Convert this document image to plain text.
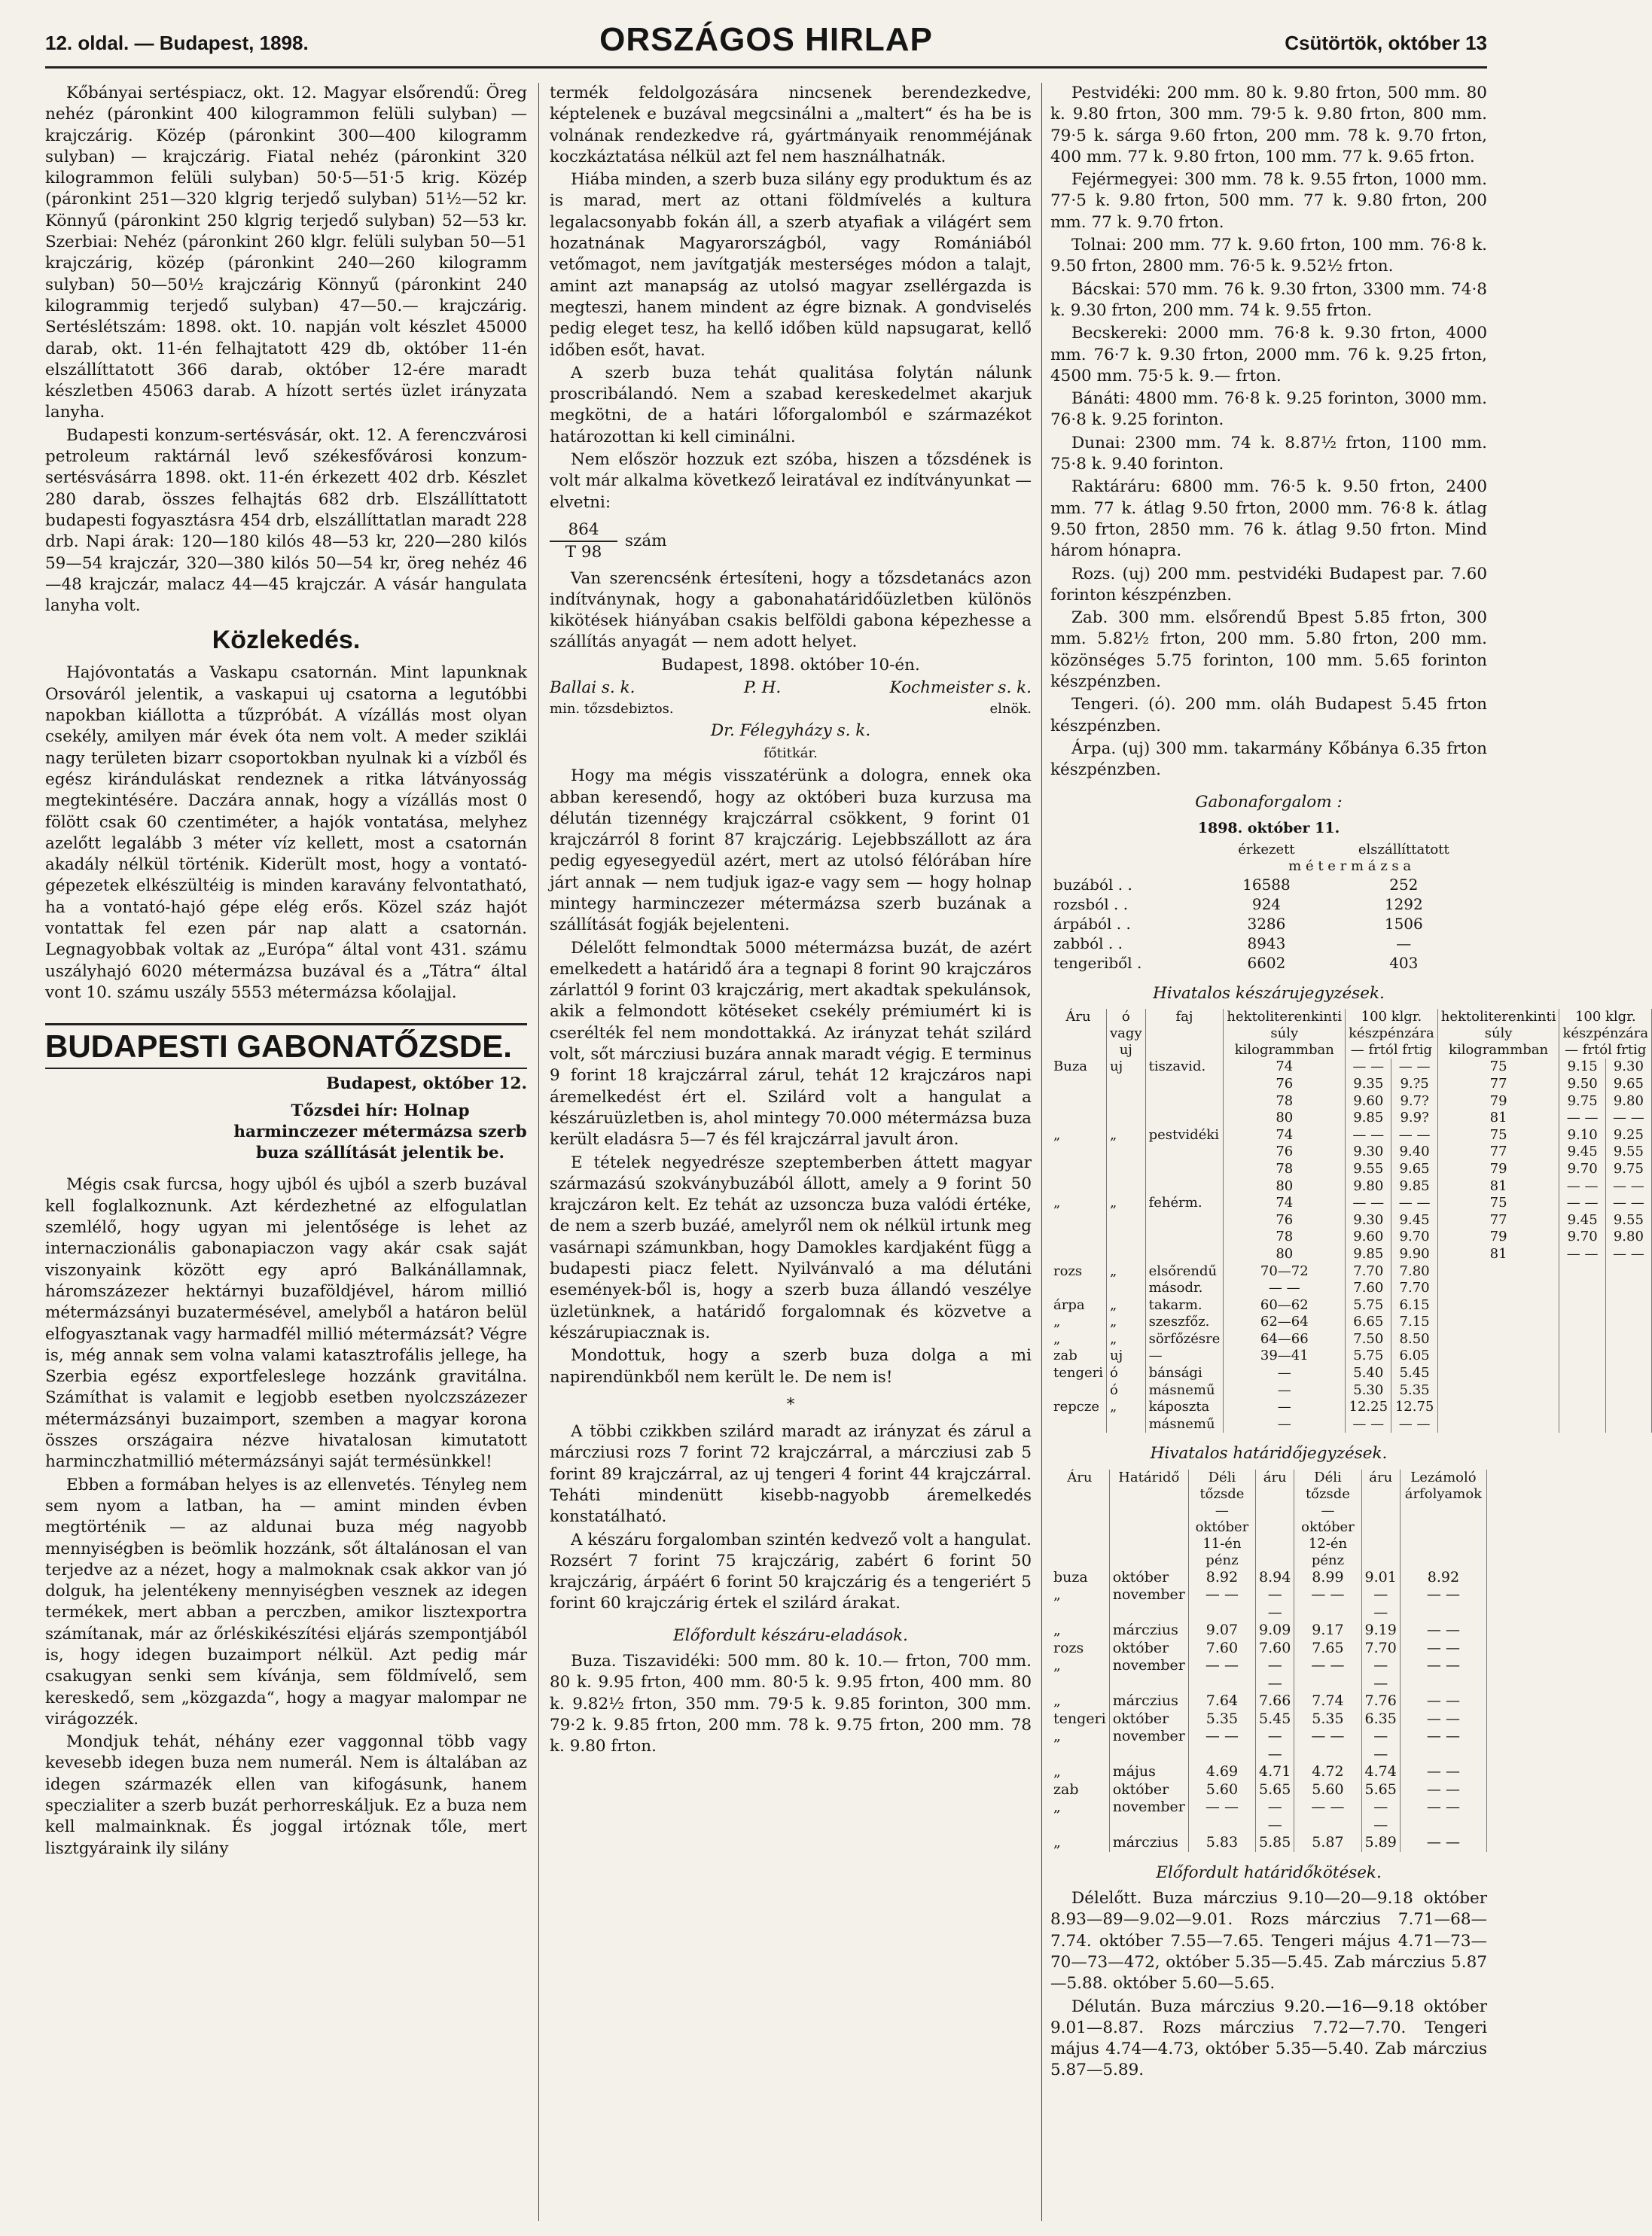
12. oldal. — Budapest, 1898.	ORSZÁGOS HIRLAP	Csütörtök, október 13

Kőbányai sertéspiacz, okt. 12. Magyar elsőrendű: Öreg nehéz (páronkint 400 kilogrammon felüli sulyban) — krajczárig. Közép (páronkint 300—400 kilogramm sulyban) — krajczárig. Fiatal nehéz (páronkint 320 kilogrammon felüli sulyban) 50·5—51·5 krig. Közép (páronkint 251—320 klgrig terjedő sulyban) 51½—52 kr. Könnyű (páronkint 250 klgrig terjedő sulyban) 52—53 kr. Szerbiai: Nehéz (páronkint 260 klgr. felüli sulyban 50—51 krajczárig, közép (páronkint 240—260 kilogramm sulyban) 50—50½ krajczárig Könnyű (páronkint 240 kilogrammig terjedő sulyban) 47—50.— krajczárig. Sertéslétszám: 1898. okt. 10. napján volt készlet 45000 darab, okt. 11-én felhajtatott 429 db, október 11-én elszállíttatott 366 darab, október 12-ére maradt készletben 45063 darab. A hízott sertés üzlet irányzata lanyha.

Budapesti konzum-sertésvásár, okt. 12. A ferenczvárosi petroleum raktárnál levő székesfővárosi konzum-sertésvásárra 1898. okt. 11-én érkezett 402 drb. Készlet 280 darab, összes felhajtás 682 drb. Elszállíttatott budapesti fogyasztásra 454 drb, elszállíttatlan maradt 228 drb. Napi árak: 120—180 kilós 48—53 kr, 220—280 kilós 59—54 krajczár, 320—380 kilós 50—54 kr, öreg nehéz 46—48 krajczár, malacz 44—45 krajczár. A vásár hangulata lanyha volt.

Közlekedés.

Hajóvontatás a Vaskapu csatornán. Mint lapunknak Orsováról jelentik, a vaskapui uj csatorna a legutóbbi napokban kiállotta a tűzpróbát. A vízállás most olyan csekély, amilyen már évek óta nem volt. A meder sziklái nagy területen bizarr csoportokban nyulnak ki a vízből és egész kiránduláskat rendeznek a ritka látványosság megtekintésére. Daczára annak, hogy a vízállás most 0 fölött csak 60 czentiméter, a hajók vontatása, melyhez azelőtt legalább 3 méter víz kellett, most a csatornán akadály nélkül történik. Kiderült most, hogy a vontató-gépezetek elkészültéig is minden karavány felvontatható, ha a vontató-hajó gépe elég erős. Közel száz hajót vontattak fel ezen pár nap alatt a csatornán. Legnagyobbak voltak az „Európa“ által vont 431. számu uszályhajó 6020 métermázsa buzával és a „Tátra“ által vont 10. számu uszály 5553 métermázsa kőolajjal.

BUDAPESTI GABONATŐZSDE.
Budapest, október 12.
Tőzsdei hír: Holnap harminczezer métermázsa szerb buza szállítását jelentik be.

Mégis csak furcsa, hogy ujból és ujból a szerb buzával kell foglalkoznunk. Azt kérdezhetné az elfogulatlan szemlélő, hogy ugyan mi jelentősége is lehet az internaczionális gabonapiaczon vagy akár csak saját viszonyaink között egy apró Balkánállamnak, háromszázezer hektárnyi buzaföldjével, három millió métermázsányi buzatermésével, amelyből a határon belül elfogyasztanak vagy harmadfél millió métermázsát? Végre is, még annak sem volna valami katasztrofális jellege, ha Szerbia egész exportfeleslege hozzánk gravitálna. Számíthat is valamit e legjobb esetben nyolczszázezer métermázsányi buzaimport, szemben a magyar korona összes országaira nézve hivatalosan kimutatott harminczhatmillió métermázsányi saját termésünkkel!

Ebben a formában helyes is az ellenvetés. Tényleg nem sem nyom a latban, ha — amint minden évben megtörténik — az aldunai buza még nagyobb mennyiségben is beömlik hozzánk, sőt általánosan el van terjedve az a nézet, hogy a malmoknak csak akkor van jó dolguk, ha jelentékeny mennyiségben vesznek az idegen termékek, mert abban a perczben, amikor lisztexportra számítanak, már az őrléskikészítési eljárás szempontjából is, hogy idegen buzaimport nélkül. Azt pedig már csakugyan senki sem kívánja, sem földmívelő, sem kereskedő, sem „közgazda“, hogy a magyar malompar ne virágozzék.

Mondjuk tehát, néhány ezer vaggonnal több vagy kevesebb idegen buza nem numerál. Nem is általában az idegen származék ellen van kifogásunk, hanem speczialiter a szerb buzát perhorreskáljuk. Ez a buza nem kell malmainknak. És joggal irtóznak tőle, mert lisztgyáraink ily silány

termék feldolgozására nincsenek berendezkedve, képtelenek e buzával megcsinálni a „maltert“ és ha be is volnának rendezkedve rá, gyártmányaik renomméjának koczkáztatása nélkül azt fel nem használhatnák.

Hiába minden, a szerb buza silány egy produktum és az is marad, mert az ottani földmívelés a kultura legalacsonyabb fokán áll, a szerb atyafiak a világért sem hozatnának Magyarországból, vagy Romániából vetőmagot, nem javítgatják mesterséges módon a talajt, amint azt manapság az utolsó magyar zsellérgazda is megteszi, hanem mindent az égre biznak. A gondviselés pedig eleget tesz, ha kellő időben küld napsugarat, kellő időben esőt, havat.

A szerb buza tehát qualitása folytán nálunk proscribálandó. Nem a szabad kereskedelmet akarjuk megkötni, de a határi lőforgalomból e származékot határozottan ki kell ciminálni.

Nem először hozzuk ezt szóba, hiszen a tőzsdének is volt már alkalma következő leiratával ez indítványunkat — elvetni:

864
T 98
szám

Van szerencsénk értesíteni, hogy a tőzsdetanács azon indítványnak, hogy a gabonahatáridőüzletben különös kikötések hiányában csakis belföldi gabona képezhesse a szállítás anyagát — nem adott helyet.

Budapest, 1898. október 10-én.

Ballai s. k.	P. H.	Kochmeister s. k.
min. tőzsdebiztos.	elnök.

Dr. Félegyházy s. k.

főtitkár.

Hogy ma mégis visszatérünk a dologra, ennek oka abban keresendő, hogy az októberi buza kurzusa ma délután tizennégy krajczárral csökkent, 9 forint 01 krajczárról 8 forint 87 krajczárig. Lejebbszállott az ára pedig egyesegyedül azért, mert az utolsó félórában híre járt annak — nem tudjuk igaz-e vagy sem — hogy holnap mintegy harminczezer métermázsa szerb buzának a szállítását fogják bejelenteni.

Délelőtt felmondtak 5000 métermázsa buzát, de azért emelkedett a határidő ára a tegnapi 8 forint 90 krajczáros zárlattól 9 forint 03 krajczárig, mert akadtak spekulánsok, akik a felmondott kötéseket csekély prémiumért ki is cserélték fel nem mondottakká. Az irányzat tehát szilárd volt, sőt márcziusi buzára annak maradt végig. E terminus 9 forint 18 krajczárral zárul, tehát 12 krajczáros napi áremelkedést ért el. Szilárd volt a hangulat a készáruüzletben is, ahol mintegy 70.000 métermázsa buza került eladásra 5—7 és fél krajczárral javult áron.

E tételek negyedrésze szeptemberben áttett magyar származású szokványbuzából állott, amely a 9 forint 50 krajczáron kelt. Ez tehát az uzsoncza buza valódi értéke, de nem a szerb buzáé, amelyről nem ok nélkül irtunk meg vasárnapi számunkban, hogy Damokles kardjaként függ a budapesti piacz felett. Nyilvánvaló a ma délutáni események-ből is, hogy a szerb buza állandó veszélye üzletünknek, a határidő forgalomnak és közvetve a készárupiacznak is.

Mondottuk, hogy a szerb buza dolga a mi napirendünkből nem került le. De nem is!

*

A többi czikkben szilárd maradt az irányzat és zárul a márcziusi rozs 7 forint 72 krajczárral, a márcziusi zab 5 forint 89 krajczárral, az uj tengeri 4 forint 44 krajczárral. Teháti mindenütt kisebb-nagyobb áremelkedés konstatálható.

A készáru forgalomban szintén kedvező volt a hangulat. Rozsért 7 forint 75 krajczárig, zabért 6 forint 50 krajczárig, árpáért 6 forint 50 krajczárig és a tengeriért 5 forint 60 krajczárig értek el szilárd árakat.

Előfordult készáru-eladások.

Buza. Tiszavidéki: 500 mm. 80 k. 10.— frton, 700 mm. 80 k. 9.95 frton, 400 mm. 80·5 k. 9.95 frton, 400 mm. 80 k. 9.82½ frton, 350 mm. 79·5 k. 9.85 forinton, 300 mm. 79·2 k. 9.85 frton, 200 mm. 78 k. 9.75 frton, 200 mm. 78 k. 9.80 frton.

Pestvidéki: 200 mm. 80 k. 9.80 frton, 500 mm. 80 k. 9.80 frton, 300 mm. 79·5 k. 9.80 frton, 800 mm. 79·5 k. sárga 9.60 frton, 200 mm. 78 k. 9.70 frton, 400 mm. 77 k. 9.80 frton, 100 mm. 77 k. 9.65 frton.

Fejérmegyei: 300 mm. 78 k. 9.55 frton, 1000 mm. 77·5 k. 9.80 frton, 500 mm. 77 k. 9.80 frton, 200 mm. 77 k. 9.70 frton.

Tolnai: 200 mm. 77 k. 9.60 frton, 100 mm. 76·8 k. 9.50 frton, 2800 mm. 76·5 k. 9.52½ frton.

Bácskai: 570 mm. 76 k. 9.30 frton, 3300 mm. 74·8 k. 9.30 frton, 200 mm. 74 k. 9.55 frton.

Becskereki: 2000 mm. 76·8 k. 9.30 frton, 4000 mm. 76·7 k. 9.30 frton, 2000 mm. 76 k. 9.25 frton, 4500 mm. 75·5 k. 9.— frton.

Bánáti: 4800 mm. 76·8 k. 9.25 forinton, 3000 mm. 76·8 k. 9.25 forinton.

Dunai: 2300 mm. 74 k. 8.87½ frton, 1100 mm. 75·8 k. 9.40 forinton.

Raktáráru: 6800 mm. 76·5 k. 9.50 frton, 2400 mm. 77 k. átlag 9.50 frton, 2000 mm. 76·8 k. átlag 9.50 frton, 2850 mm. 76 k. átlag 9.50 frton. Mind három hónapra.

Rozs. (uj) 200 mm. pestvidéki Budapest par. 7.60 forinton készpénzben.

Zab. 300 mm. elsőrendű Bpest 5.85 frton, 300 mm. 5.82½ frton, 200 mm. 5.80 frton, 200 mm. közönséges 5.75 forinton, 100 mm. 5.65 forinton készpénzben.

Tengeri. (ó). 200 mm. oláh Budapest 5.45 frton készpénzben.

Árpa. (uj) 300 mm. takarmány Kőbánya 6.35 frton készpénzben.

Gabonaforgalom :
1898. október 11.
	érkezett	elszállíttatott
	m é t e r m á z s a	
buzából . .	16588	252
rozsból . .	924	1292
árpából . .	3286	1506
zabból . .	8943	—
tengeriből .	6602	403
Hivatalos készárujegyzések.
Áru	ó vagy uj	faj	hektoliterenkinti súly kilogrammban	100 klgr. készpénzára — frtól frtig		hektoliterenkinti súly kilogrammban	100 klgr. készpénzára — frtól frtig	
Buza	uj	tiszavid.	74	— —	— —	75	9.15	9.30
			76	9.35	9.?5	77	9.50	9.65
			78	9.60	9.7?	79	9.75	9.80
			80	9.85	9.9?	81	— —	— —
„	„	pestvidéki	74	— —	— —	75	9.10	9.25
			76	9.30	9.40	77	9.45	9.55
			78	9.55	9.65	79	9.70	9.75
			80	9.80	9.85	81	— —	— —
„	„	fehérm.	74	— —	— —	75	— —	— —
			76	9.30	9.45	77	9.45	9.55
			78	9.60	9.70	79	9.70	9.80
			80	9.85	9.90	81	— —	— —
rozs	„	elsőrendű	70—72	7.70	7.80			
		másodr.	— —	7.60	7.70			
árpa	„	takarm.	60—62	5.75	6.15			
„	„	szeszfőz.	62—64	6.65	7.15			
„	„	sörfőzésre	64—66	7.50	8.50			
zab	uj	—	39—41	5.75	6.05			
tengeri	ó	bánsági	—	5.40	5.45			
	ó	másnemű	—	5.30	5.35			
repcze	„	káposzta	—	12.25	12.75			
		másnemű	—	— —	— —			
Hivatalos határidőjegyzések.
Áru	Határidő	Déli tőzsde — október 11-én pénz	áru	Déli tőzsde — október 12-én pénz	áru	Lezámoló árfolyamok
buza	október	8.92	8.94	8.99	9.01	8.92
„	november	— —	— —	— —	— —	— —
„	márczius	9.07	9.09	9.17	9.19	— —
rozs	október	7.60	7.60	7.65	7.70	— —
„	november	— —	— —	— —	— —	— —
„	márczius	7.64	7.66	7.74	7.76	— —
tengeri	október	5.35	5.45	5.35	6.35	— —
„	november	— —	— —	— —	— —	— —
„	május	4.69	4.71	4.72	4.74	— —
zab	október	5.60	5.65	5.60	5.65	— —
„	november	— —	— —	— —	— —	— —
„	márczius	5.83	5.85	5.87	5.89	— —
Előfordult határidőkötések.

Délelőtt. Buza márczius 9.10—20—9.18 október 8.93—89—9.02—9.01. Rozs márczius 7.71—68—7.74. október 7.55—7.65. Tengeri május 4.71—73—70—73—472, október 5.35—5.45. Zab márczius 5.87—5.88. október 5.60—5.65.

Délután. Buza márczius 9.20.—16—9.18 október 9.01—8.87. Rozs márczius 7.72—7.70. Tengeri május 4.74—4.73, október 5.35—5.40. Zab márczius 5.87—5.89.
